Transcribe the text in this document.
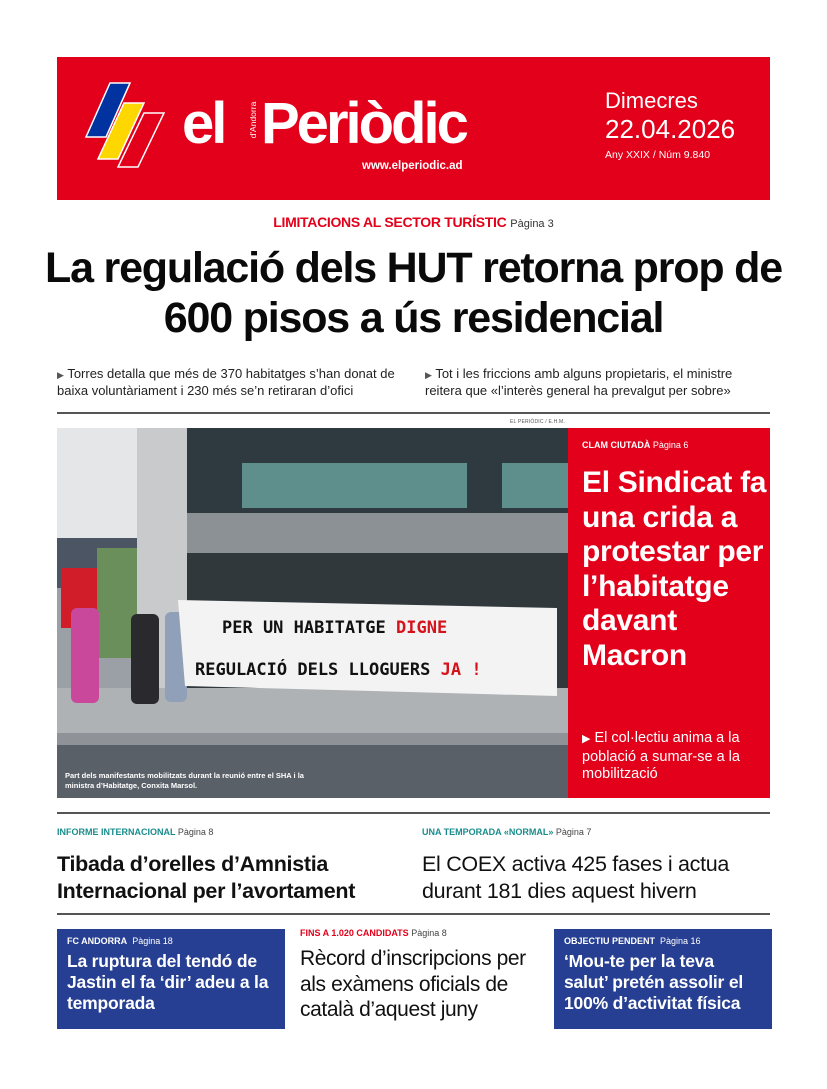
el	d'Andorra Periòdic
www.elperiodic.ad
Dimecres
22.04.2026
Any XXIX / Núm 9.840
LIMITACIONS AL SECTOR TURÍSTIC Pàgina 3
La regulació dels HUT retorna prop de 600 pisos a ús residencial
▶ Torres detalla que més de 370 habitatges s’han donat de baixa voluntàriament i 230 més se’n retiraran d’ofici
▶ Tot i les friccions amb alguns propietaris, el ministre reitera que «l’interès general ha prevalgut per sobre»
EL PERIÒDIC / E.H.M.
PER UN HABITATGE DIGNE
REGULACIÓ DELS LLOGUERS JA !
Part dels manifestants mobilitzats durant la reunió entre el SHA i la ministra d’Habitatge, Conxita Marsol.
CLAM CIUTADÀ Pàgina 6
El Sindicat fa una crida a protestar per l’habitatge davant Macron
▶ El col·lectiu anima a la població a sumar-se a la mobilització
INFORME INTERNACIONAL Pàgina 8
Tibada d’orelles d’Amnistia Internacional per l’avortament
UNA TEMPORADA «NORMAL» Pàgina 7
El COEX activa 425 fases i actua durant 181 dies aquest hivern
FC ANDORRA Pàgina 18
La ruptura del tendó de Jastin el fa ‘dir’ adeu a la temporada
FINS A 1.020 CANDIDATS Pàgina 8
Rècord d’inscripcions per als exàmens oficials de català d’aquest juny
OBJECTIU PENDENT Pàgina 16
‘Mou-te per la teva salut’ pretén assolir el 100% d’activitat física
